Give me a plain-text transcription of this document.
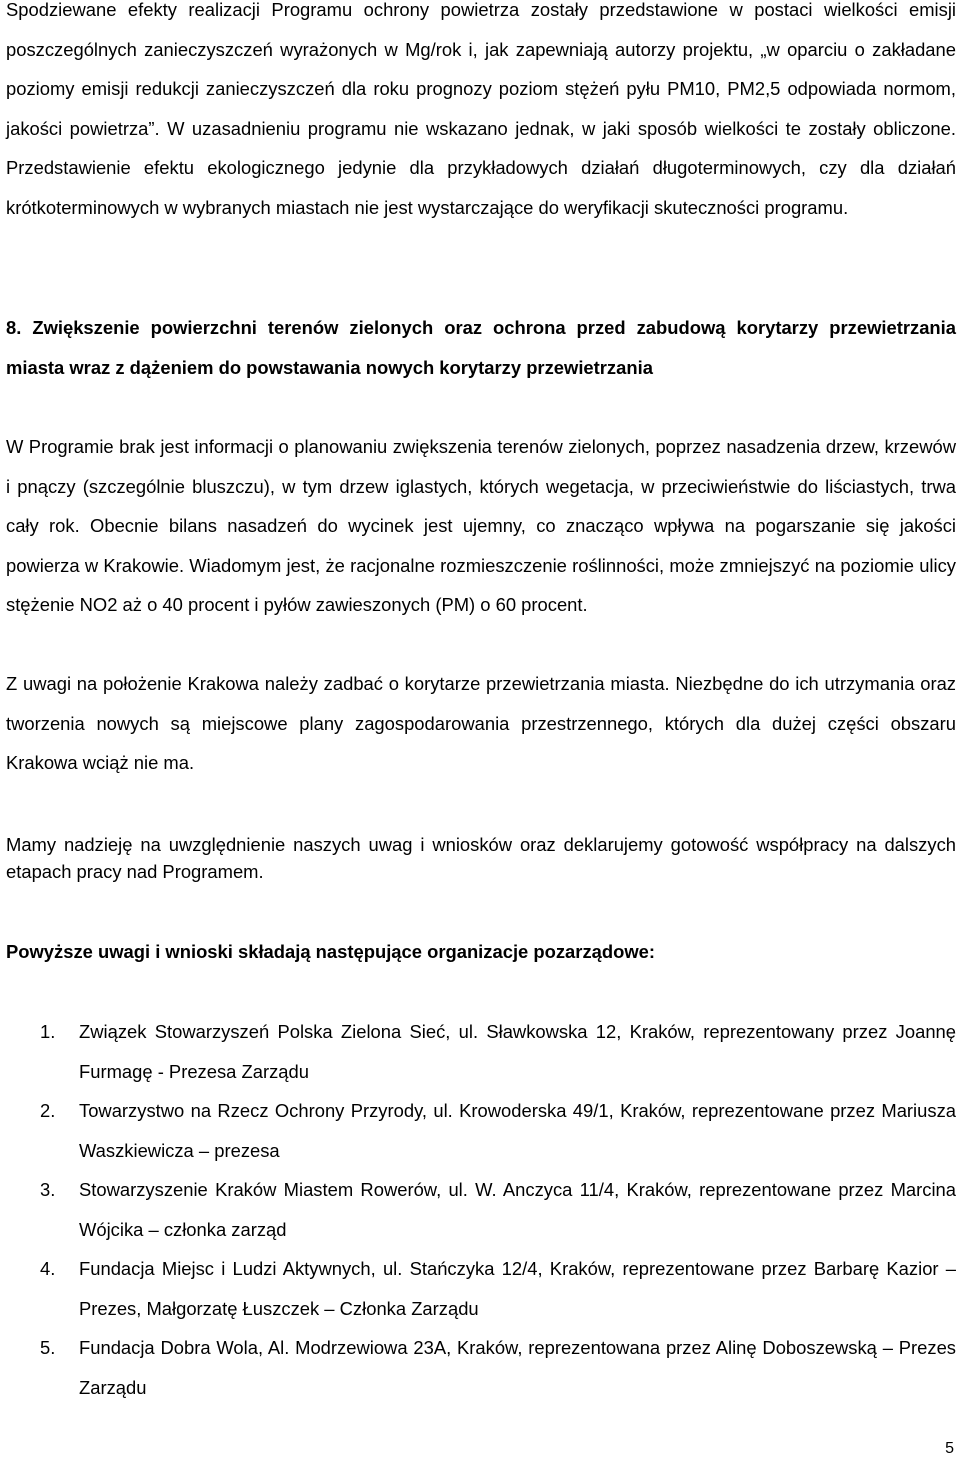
Spodziewane efekty realizacji Programu ochrony powietrza zostały przedstawione w postaci wielkości emisji poszczególnych zanieczyszczeń wyrażonych w Mg/rok i, jak zapewniają autorzy projektu, „w oparciu o zakładane poziomy emisji redukcji zanieczyszczeń dla roku prognozy poziom stężeń pyłu PM10, PM2,5 odpowiada normom, jakości powietrza”. W uzasadnieniu programu nie wskazano jednak, w jaki sposób wielkości te zostały obliczone. Przedstawienie efektu ekologicznego jedynie dla przykładowych działań długoterminowych, czy dla działań krótkoterminowych w wybranych miastach nie jest wystarczające do weryfikacji skuteczności programu.

8. Zwiększenie powierzchni terenów zielonych oraz ochrona przed zabudową korytarzy przewietrzania miasta wraz z dążeniem do powstawania nowych korytarzy przewietrzania

W Programie brak jest informacji o planowaniu zwiększenia terenów zielonych, poprzez nasadzenia drzew, krzewów i pnączy (szczególnie bluszczu), w tym drzew iglastych, których wegetacja, w przeciwieństwie do liściastych, trwa cały rok. Obecnie bilans nasadzeń do wycinek jest ujemny, co znacząco wpływa na pogarszanie się jakości powierza w Krakowie. Wiadomym jest, że racjonalne rozmieszczenie roślinności, może zmniejszyć na poziomie ulicy stężenie NO2 aż o 40 procent i pyłów zawieszonych (PM) o 60 procent.

Z uwagi na położenie Krakowa należy zadbać o korytarze przewietrzania miasta. Niezbędne do ich utrzymania oraz tworzenia nowych są miejscowe plany zagospodarowania przestrzennego, których dla dużej części obszaru Krakowa wciąż nie ma.

Mamy nadzieję na uwzględnienie naszych uwag i wniosków oraz deklarujemy gotowość współpracy na dalszych etapach pracy nad Programem.

Powyższe uwagi i wnioski składają następujące organizacje pozarządowe:

1. Związek Stowarzyszeń Polska Zielona Sieć, ul. Sławkowska 12, Kraków, reprezentowany przez Joannę Furmagę - Prezesa Zarządu
2. Towarzystwo na Rzecz Ochrony Przyrody, ul. Krowoderska 49/1, Kraków, reprezentowane przez Mariusza Waszkiewicza – prezesa
3. Stowarzyszenie Kraków Miastem Rowerów, ul. W. Anczyca 11/4, Kraków, reprezentowane przez Marcina Wójcika – członka zarząd
4. Fundacja Miejsc i Ludzi Aktywnych, ul. Stańczyka 12/4, Kraków, reprezentowane przez Barbarę Kazior – Prezes, Małgorzatę Łuszczek – Członka Zarządu
5. Fundacja Dobra Wola, Al. Modrzewiowa 23A, Kraków, reprezentowana przez Alinę Doboszewską – Prezes Zarządu
5
